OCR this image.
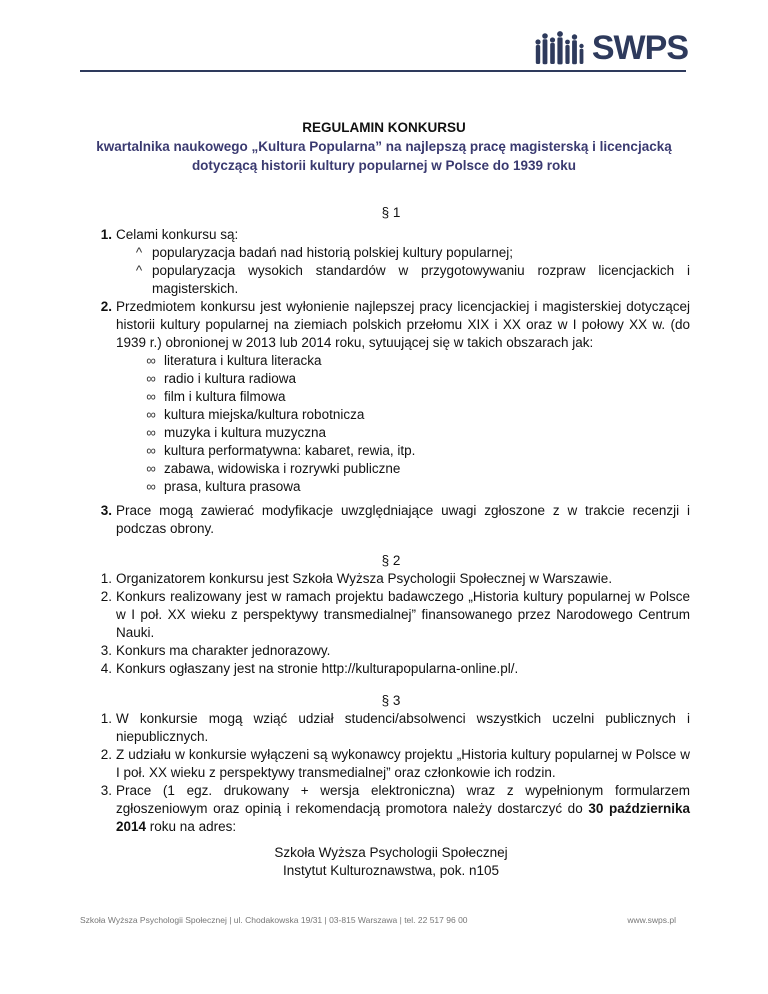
SWPS
REGULAMIN KONKURSU
kwartalnika naukowego „Kultura Popularna” na najlepszą pracę magisterską i licencjacką
dotyczącą historii kultury popularnej w Polsce do 1939 roku

§ 1

1. Celami konkursu są:
^ popularyzacja badań nad historią polskiej kultury popularnej;
^ popularyzacja wysokich standardów w przygotowywaniu rozpraw licencjackich i magisterskich.
2. Przedmiotem konkursu jest wyłonienie najlepszej pracy licencjackiej i magisterskiej dotyczącej historii kultury popularnej na ziemiach polskich przełomu XIX i XX oraz w I połowy XX w. (do 1939 r.) obronionej w 2013 lub 2014 roku, sytuującej się w takich obszarach jak:
∞ literatura i kultura literacka
∞ radio i kultura radiowa
∞ film i kultura filmowa
∞ kultura miejska/kultura robotnicza
∞ muzyka i kultura muzyczna
∞ kultura performatywna: kabaret, rewia, itp.
∞ zabawa, widowiska i rozrywki publiczne
∞ prasa, kultura prasowa
3. Prace mogą zawierać modyfikacje uwzględniające uwagi zgłoszone z w trakcie recenzji i podczas obrony.

§ 2

1. Organizatorem konkursu jest Szkoła Wyższa Psychologii Społecznej w Warszawie.
2. Konkurs realizowany jest w ramach projektu badawczego „Historia kultury popularnej w Polsce w I poł. XX wieku z perspektywy transmedialnej” finansowanego przez Narodowego Centrum Nauki.
3. Konkurs ma charakter jednorazowy.
4. Konkurs ogłaszany jest na stronie http://kulturapopularna-online.pl/.

§ 3

1. W konkursie mogą wziąć udział studenci/absolwenci wszystkich uczelni publicznych i niepublicznych.
2. Z udziału w konkursie wyłączeni są wykonawcy projektu „Historia kultury popularnej w Polsce w I poł. XX wieku z perspektywy transmedialnej” oraz członkowie ich rodzin.
3. Prace (1 egz. drukowany + wersja elektroniczna) wraz z wypełnionym formularzem zgłoszeniowym oraz opinią i rekomendacją promotora należy dostarczyć do 30 października 2014 roku na adres:
Szkoła Wyższa Psychologii Społecznej
Instytut Kulturoznawstwa, pok. n105
Szkoła Wyższa Psychologii Społecznej | ul. Chodakowska 19/31 | 03-815 Warszawa | tel. 22 517 96 00	www.swps.pl
